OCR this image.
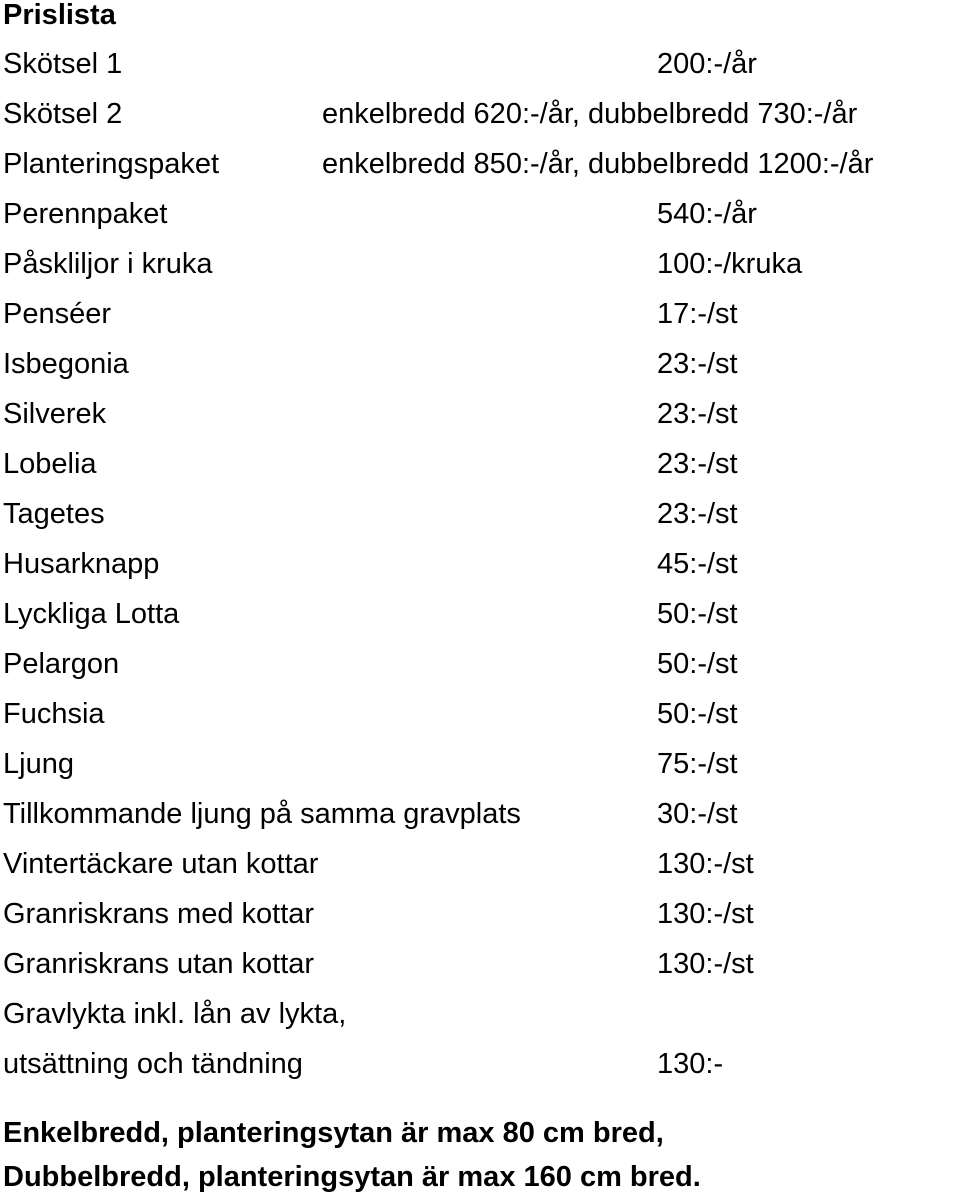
Prislista
Skötsel 1	200:-/år
Skötsel 2	enkelbredd 620:-/år, dubbelbredd 730:-/år
Planteringspaket	enkelbredd 850:-/år, dubbelbredd 1200:-/år
Perennpaket	540:-/år
Påskliljor i kruka	100:-/kruka
Penséer	17:-/st
Isbegonia	23:-/st
Silverek	23:-/st
Lobelia	23:-/st
Tagetes	23:-/st
Husarknapp	45:-/st
Lyckliga Lotta	50:-/st
Pelargon	50:-/st
Fuchsia	50:-/st
Ljung	75:-/st
Tillkommande ljung på samma gravplats	30:-/st
Vintertäckare utan kottar	130:-/st
Granriskrans med kottar	130:-/st
Granriskrans utan kottar	130:-/st
Gravlykta inkl. lån av lykta,
utsättning och tändning	130:-
Enkelbredd, planteringsytan är max 80 cm bred,
Dubbelbredd, planteringsytan är max 160 cm bred.
